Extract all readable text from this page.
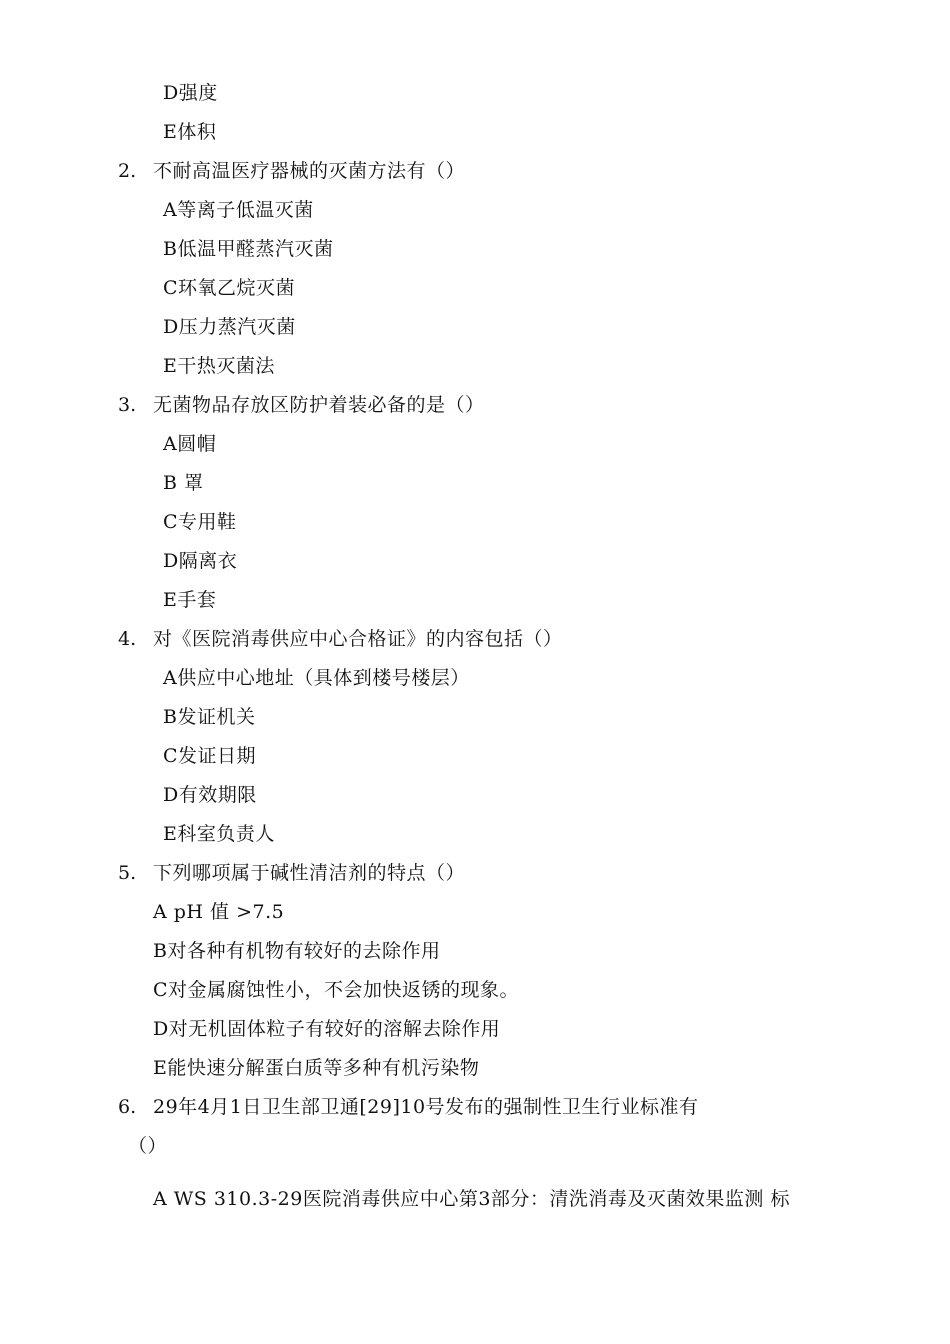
D强度
E体积
2. 不耐高温医疗器械的灭菌方法有（）
A等离子低温灭菌
B低温甲醛蒸汽灭菌
C环氧乙烷灭菌
D压力蒸汽灭菌
E干热灭菌法
3. 无菌物品存放区防护着装必备的是（）
A圆帽
B 罩
C专用鞋
D隔离衣
E手套
4. 对《医院消毒供应中心合格证》的内容包括（）
A供应中心地址（具体到楼号楼层）
B发证机关
C发证日期
D有效期限
E科室负责人
5. 下列哪项属于碱性清洁剂的特点（）
A pH 值 >7.5
B对各种有机物有较好的去除作用
C对金属腐蚀性小，不会加快返锈的现象。
D对无机固体粒子有较好的溶解去除作用
E能快速分解蛋白质等多种有机污染物
6. 29年4月1日卫生部卫通[29]10号发布的强制性卫生行业标准有
（）
A WS 310.3-29医院消毒供应中心第3部分：清洗消毒及灭菌效果监测 标
